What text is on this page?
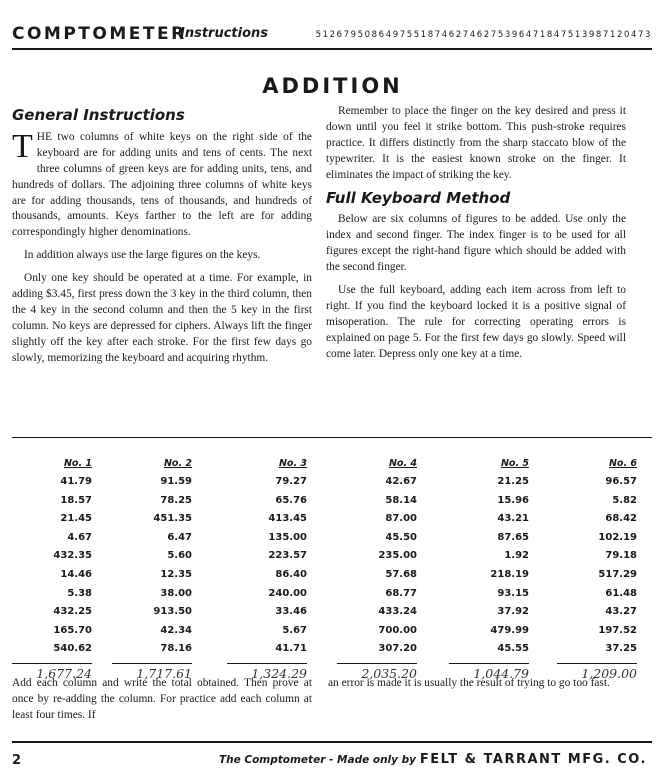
COMPTOMETER
Instructions	512679508649755187462746275396471847513987120473
ADDITION
General Instructions

THE two columns of white keys on the right side of the keyboard are for adding units and tens of cents. The next three columns of green keys are for adding units, tens, and hundreds of dollars. The adjoining three columns of white keys are for adding thousands, tens of thousands, and hundreds of thousands, amounts. Keys farther to the left are for adding correspondingly higher denominations.

In addition always use the large figures on the keys.

Only one key should be operated at a time. For example, in adding $3.45, first press down the 3 key in the third column, then the 4 key in the second column and then the 5 key in the first column. No keys are depressed for ciphers. Always lift the finger slightly off the key after each stroke. For the first few days go slowly, memorizing the keyboard and acquiring rhythm.

Remember to place the finger on the key desired and press it down until you feel it strike bottom. This push-stroke requires practice. It differs distinctly from the sharp staccato blow of the typewriter. It is the easiest known stroke on the finger. It eliminates the impact of striking the key.

Full Keyboard Method

Below are six columns of figures to be added. Use only the index and second finger. The index finger is to be used for all figures except the right-hand figure which should be added with the second finger.

Use the full keyboard, adding each item across from left to right. If you find the keyboard locked it is a positive signal of misoperation. The rule for correcting operating errors is explained on page 5. For the first few days go slowly. Speed will come later. Depress only one key at a time.

No. 1
41.79
18.57
21.45
4.67
432.35
14.46
5.38
432.25
165.70
540.62
1,677.24
No. 2
91.59
78.25
451.35
6.47
5.60
12.35
38.00
913.50
42.34
78.16
1,717.61
No. 3
79.27
65.76
413.45
135.00
223.57
86.40
240.00
33.46
5.67
41.71
1,324.29
No. 4
42.67
58.14
87.00
45.50
235.00
57.68
68.77
433.24
700.00
307.20
2,035.20
No. 5
21.25
15.96
43.21
87.65
1.92
218.19
93.15
37.92
479.99
45.55
1,044.79
No. 6
96.57
5.82
68.42
102.19
79.18
517.29
61.48
43.27
197.52
37.25
1,209.00
Add each column and write the total obtained. Then prove at once by re-adding the column. For practice add each column at least four times. If
an error is made it is usually the result of trying to go too fast.
2	The Comptometer - Made only by FELT & TARRANT MFG. CO.
